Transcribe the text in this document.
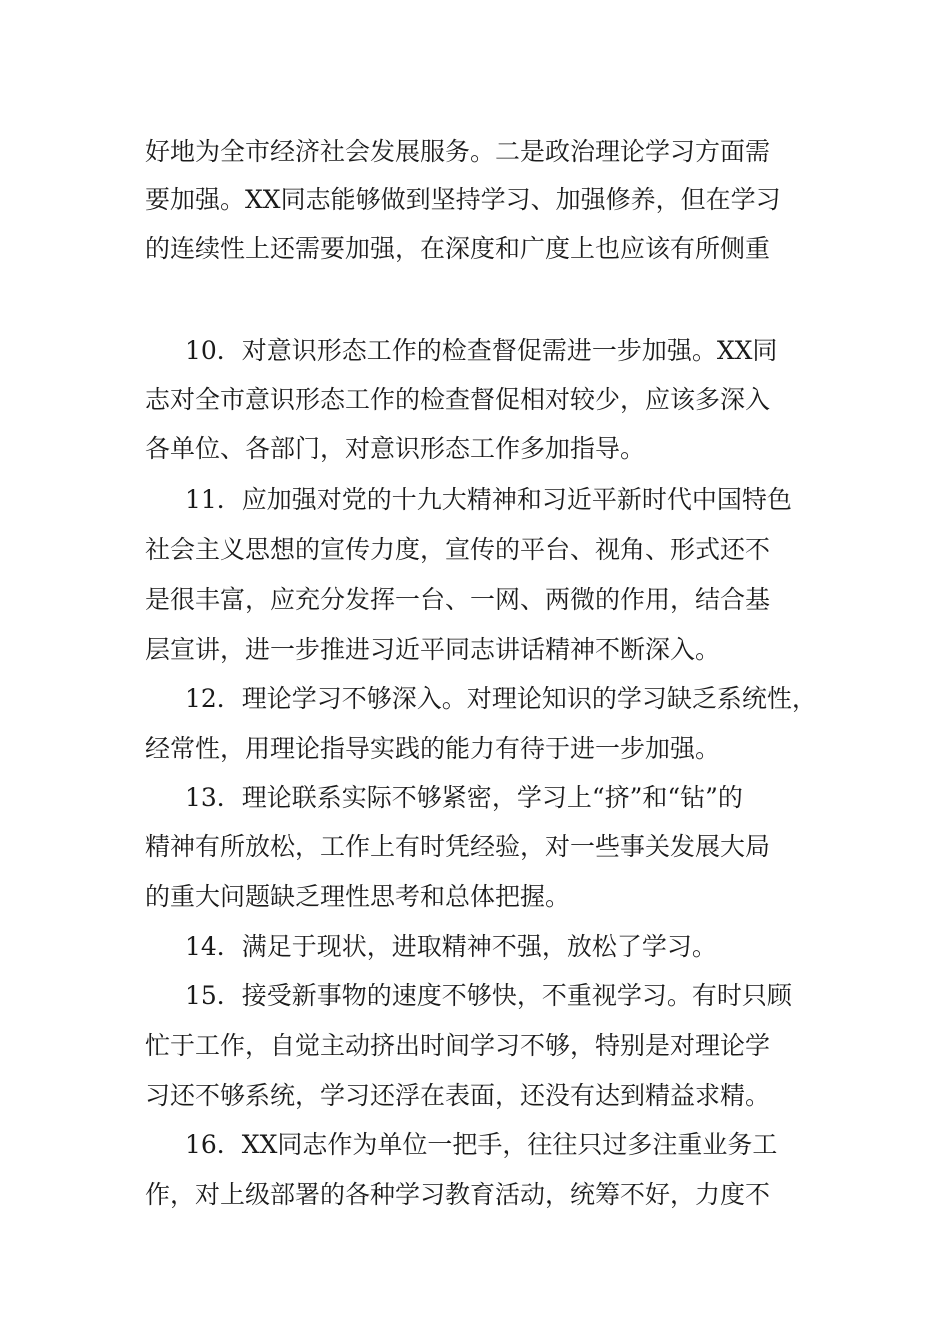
好地为全市经济社会发展服务。二是政治理论学习方面需
要加强。XX同志能够做到坚持学习、加强修养，但在学习
的连续性上还需要加强，在深度和广度上也应该有所侧重
10．对意识形态工作的检查督促需进一步加强。XX同
志对全市意识形态工作的检查督促相对较少，应该多深入
各单位、各部门，对意识形态工作多加指导。
11．应加强对党的十九大精神和习近平新时代中国特色
社会主义思想的宣传力度，宣传的平台、视角、形式还不
是很丰富，应充分发挥一台、一网、两微的作用，结合基
层宣讲，进一步推进习近平同志讲话精神不断深入。
12．理论学习不够深入。对理论知识的学习缺乏系统性，
经常性，用理论指导实践的能力有待于进一步加强。
13．理论联系实际不够紧密，学习上“挤”和“钻”的
精神有所放松，工作上有时凭经验，对一些事关发展大局
的重大问题缺乏理性思考和总体把握。
14．满足于现状，进取精神不强，放松了学习。
15．接受新事物的速度不够快，不重视学习。有时只顾
忙于工作，自觉主动挤出时间学习不够，特别是对理论学
习还不够系统，学习还浮在表面，还没有达到精益求精。
16．XX同志作为单位一把手，往往只过多注重业务工
作，对上级部署的各种学习教育活动，统筹不好，力度不
